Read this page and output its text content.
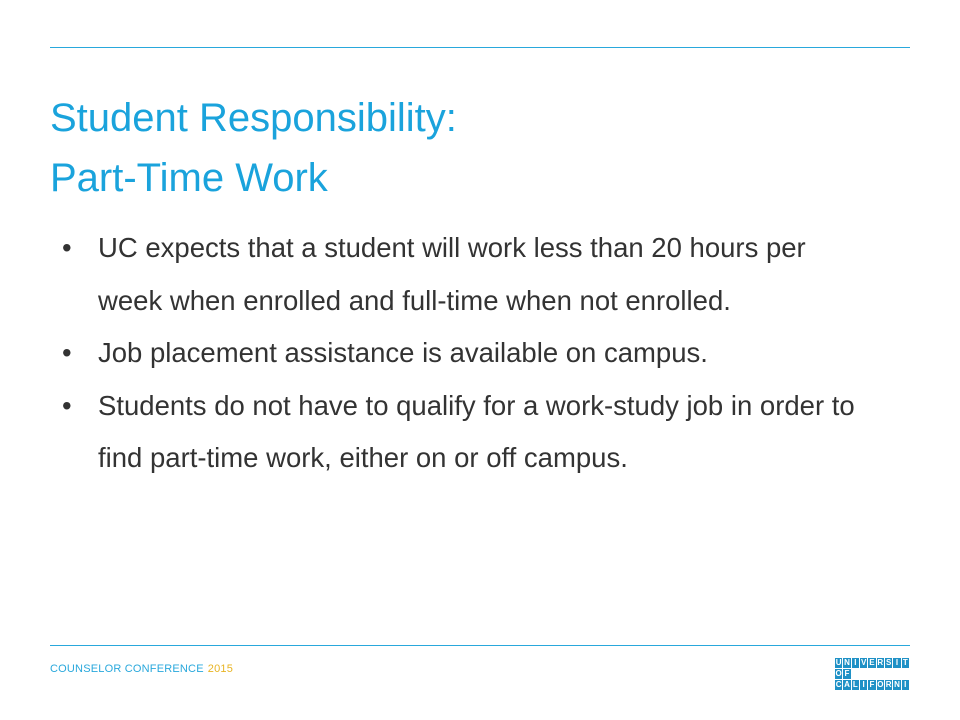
Student Responsibility:
Part-Time Work
• UC expects that a student will work less than 20 hours per week when enrolled and full-time when not enrolled.
• Job placement assistance is available on campus.
• Students do not have to qualify for a work-study job in order to find part-time work, either on or off campus.
COUNSELOR CONFERENCE 2015
U N I V E R S I T
O F
C A L I F O R N I
